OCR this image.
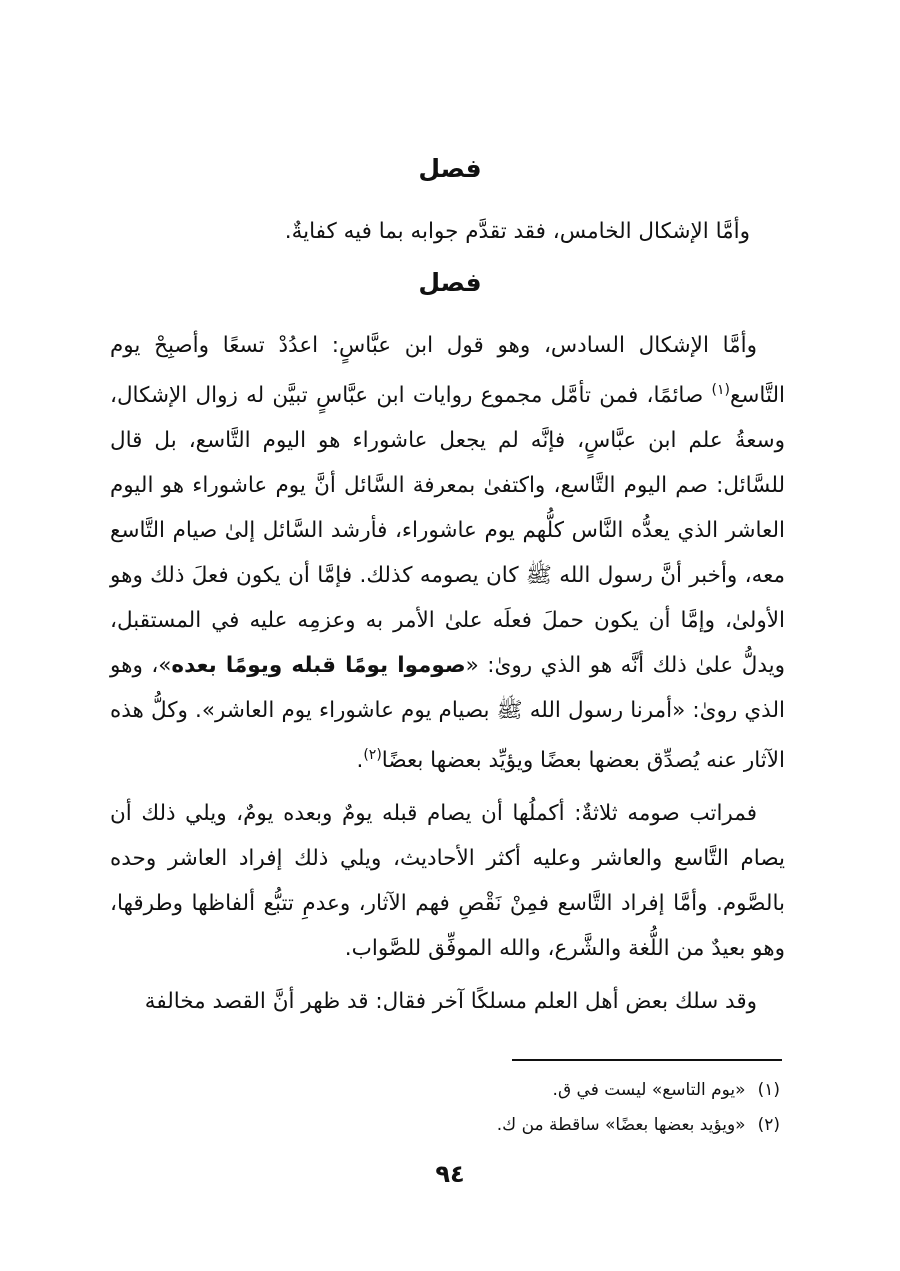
فصل
وأمَّا الإشكال الخامس، فقد تقدَّم جوابه بما فيه كفايةٌ.
فصل

وأمَّا الإشكال السادس، وهو قول ابن عبَّاسٍ: اعدُدْ تسعًا وأصبِحْ يوم التَّاسع$^{(١)}$ صائمًا، فمن تأمَّل مجموع روايات ابن عبَّاسٍ تبيَّن له زوال الإشكال، وسعةُ علم ابن عبَّاسٍ، فإنَّه لم يجعل عاشوراء هو اليوم التَّاسع، بل قال للسَّائل: صم اليوم التَّاسع، واكتفىٰ بمعرفة السَّائل أنَّ يوم عاشوراء هو اليوم العاشر الذي يعدُّه النَّاس كلُّهم يوم عاشوراء، فأرشد السَّائل إلىٰ صيام التَّاسع معه، وأخبر أنَّ رسول الله ﷺ كان يصومه كذلك. فإمَّا أن يكون فعلَ ذلك وهو الأولىٰ، وإمَّا أن يكون حملَ فعلَه علىٰ الأمر به وعزمِه عليه في المستقبل، ويدلُّ علىٰ ذلك أنَّه هو الذي روىٰ: «صوموا يومًا قبله ويومًا بعده»، وهو الذي روىٰ: «أمرنا رسول الله ﷺ بصيام يوم عاشوراء يوم العاشر». وكلُّ هذه الآثار عنه يُصدِّق بعضها بعضًا ويؤيِّد بعضها بعضًا$^{(٢)}$.

فمراتب صومه ثلاثةٌ: أكملُها أن يصام قبله يومٌ وبعده يومٌ، ويلي ذلك أن يصام التَّاسع والعاشر وعليه أكثر الأحاديث، ويلي ذلك إفراد العاشر وحده بالصَّوم. وأمَّا إفراد التَّاسع فمِنْ نَقْصِ فهم الآثار، وعدمِ تتبُّع ألفاظها وطرقها، وهو بعيدٌ من اللُّغة والشَّرع، والله الموفِّق للصَّواب.

وقد سلك بعض أهل العلم مسلكًا آخر فقال: قد ظهر أنَّ القصد مخالفة

(١)«يوم التاسع» ليست في ق.
(٢)«ويؤيد بعضها بعضًا» ساقطة من ك.
٩٤
